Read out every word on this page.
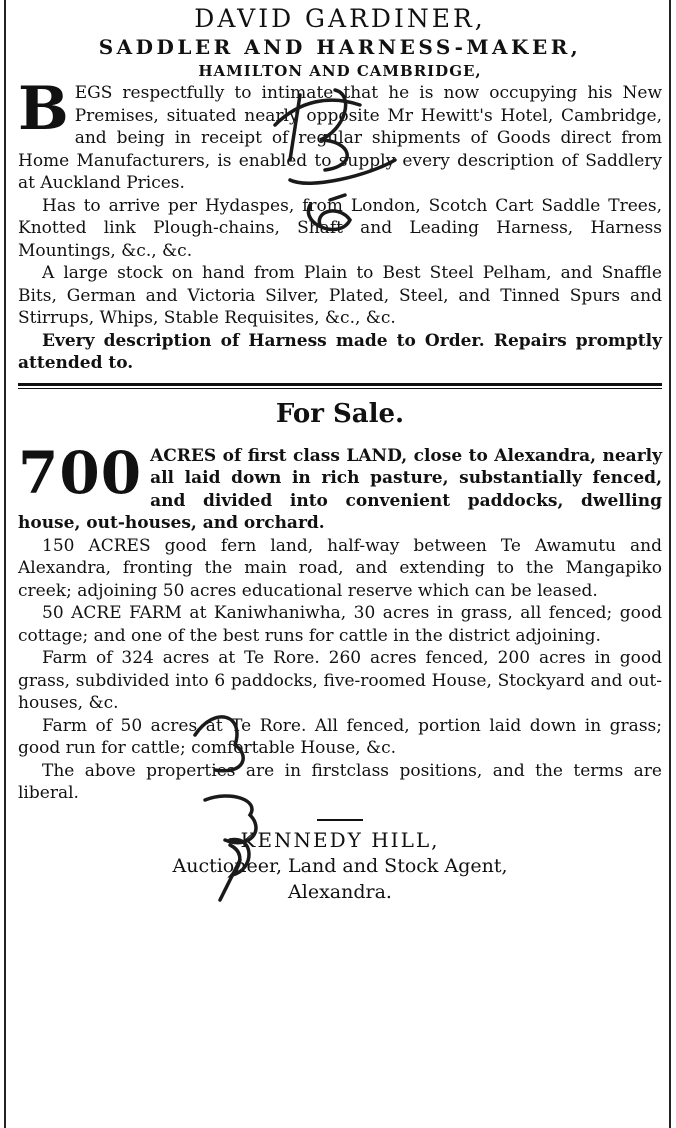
DAVID GARDINER,
SADDLER AND HARNESS-MAKER,
HAMILTON AND CAMBRIDGE,

BEGS respectfully to intimate that he is now occupying his New Premises, situated nearly opposite Mr Hewitt's Hotel, Cambridge, and being in receipt of regular shipments of Goods direct from Home Manufacturers, is enabled to supply every description of Saddlery at Auckland Prices.

Has to arrive per Hydaspes, from London, Scotch Cart Saddle Trees, Knotted link Plough-chains, Shaft and Leading Harness, Harness Mountings, &c., &c.

A large stock on hand from Plain to Best Steel Pelham, and Snaffle Bits, German and Victoria Silver, Plated, Steel, and Tinned Spurs and Stirrups, Whips, Stable Requisites, &c., &c.

Every description of Harness made to Order. Repairs promptly attended to.

For Sale.

700 ACRES of first class LAND, close to Alexandra, nearly all laid down in rich pasture, substantially fenced, and divided into convenient paddocks, dwelling house, out-houses, and orchard.

150 ACRES good fern land, half-way between Te Awamutu and Alexandra, fronting the main road, and extending to the Mangapiko creek; adjoining 50 acres educational reserve which can be leased.

50 ACRE FARM at Kaniwhaniwha, 30 acres in grass, all fenced; good cottage; and one of the best runs for cattle in the district adjoining.

Farm of 324 acres at Te Rore. 260 acres fenced, 200 acres in good grass, subdivided into 6 paddocks, five-roomed House, Stockyard and out-houses, &c.

Farm of 50 acres at Te Rore. All fenced, portion laid down in grass; good run for cattle; comfortable House, &c.

The above properties are in firstclass positions, and the terms are liberal.

KENNEDY HILL,
Auctioneer, Land and Stock Agent,
Alexandra.
